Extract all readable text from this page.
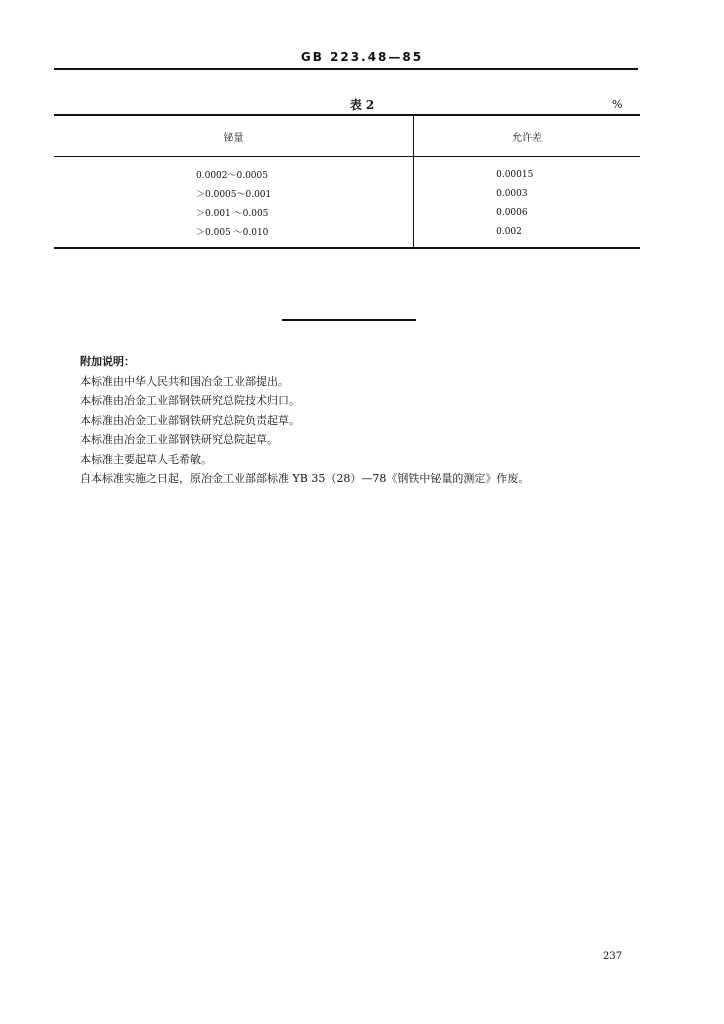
GB 223.48—85
表 2	%
铋量	允许差
0.0002～0.0005	0.00015
＞0.0005～0.001	0.0003
＞0.001 ～0.005	0.0006
＞0.005 ～0.010	0.002

附加说明：

本标准由中华人民共和国冶金工业部提出。

本标准由冶金工业部钢铁研究总院技术归口。

本标准由冶金工业部钢铁研究总院负责起草。

本标准由冶金工业部钢铁研究总院起草。

本标准主要起草人毛希敏。

自本标准实施之日起，原冶金工业部部标准 YB 35（28）—78《钢铁中铋量的测定》作废。

237
